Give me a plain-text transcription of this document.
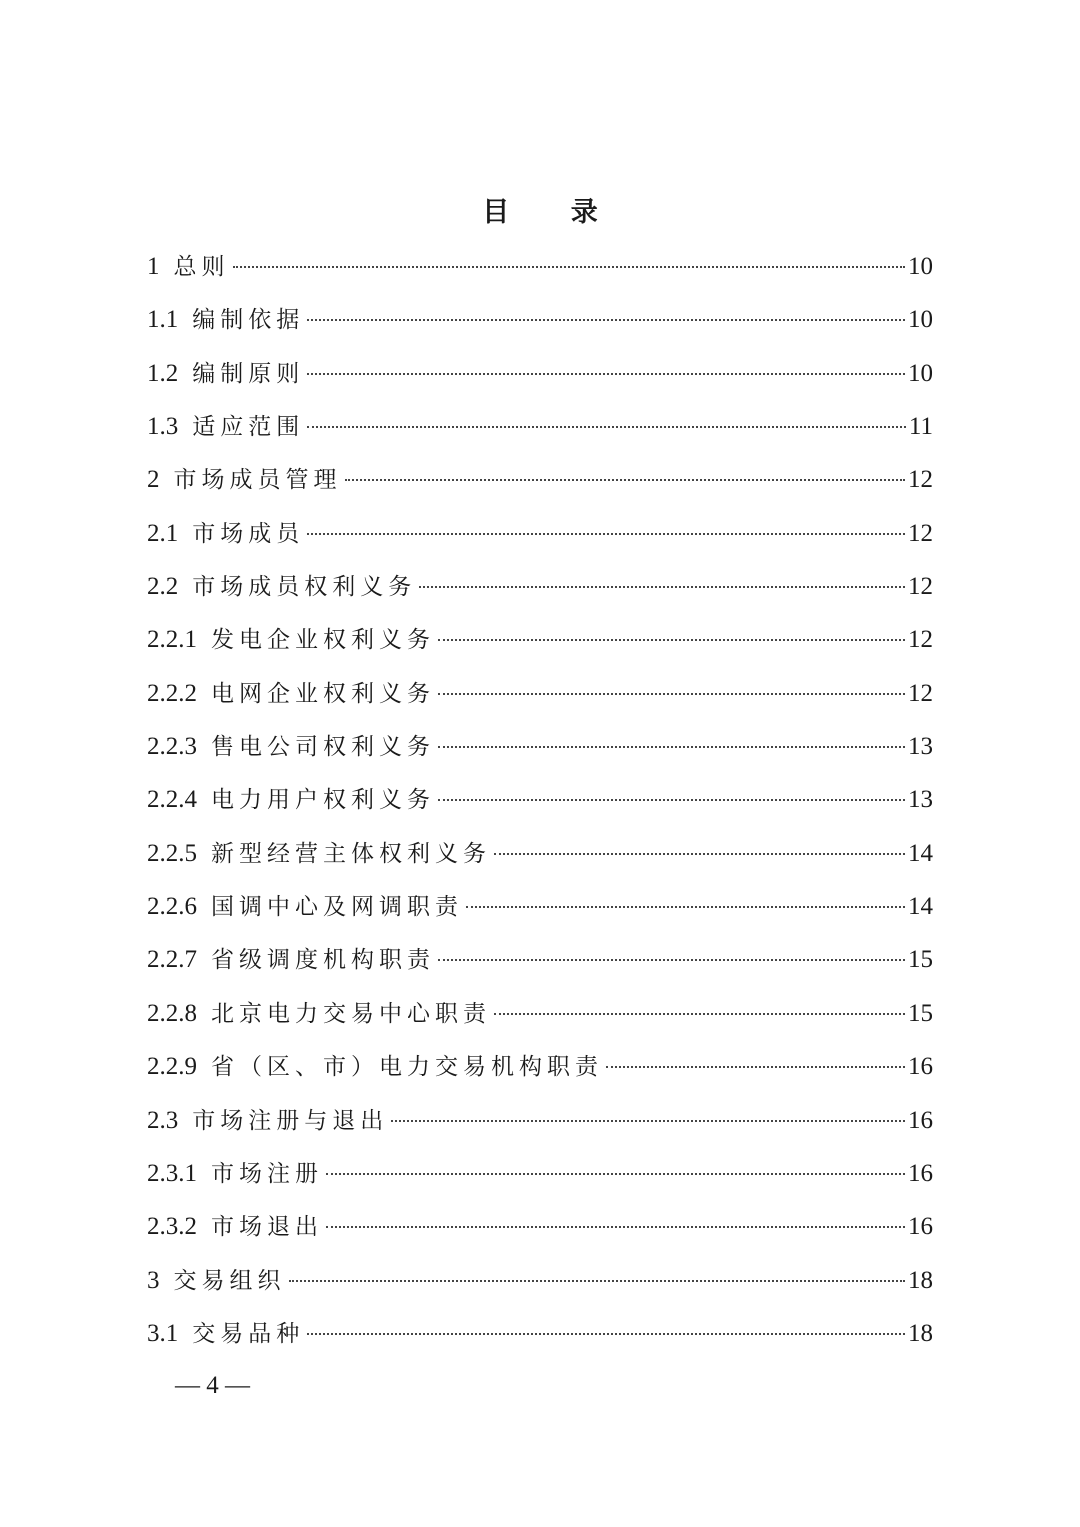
目 录
1 总则	10
1.1 编制依据	10
1.2 编制原则	10
1.3 适应范围	11
2 市场成员管理	12
2.1 市场成员	12
2.2 市场成员权利义务	12
2.2.1 发电企业权利义务	12
2.2.2 电网企业权利义务	12
2.2.3 售电公司权利义务	13
2.2.4 电力用户权利义务	13
2.2.5 新型经营主体权利义务	14
2.2.6 国调中心及网调职责	14
2.2.7 省级调度机构职责	15
2.2.8 北京电力交易中心职责	15
2.2.9 省（区、市）电力交易机构职责	16
2.3 市场注册与退出	16
2.3.1 市场注册	16
2.3.2 市场退出	16
3 交易组织	18
3.1 交易品种	18
— 4 —
